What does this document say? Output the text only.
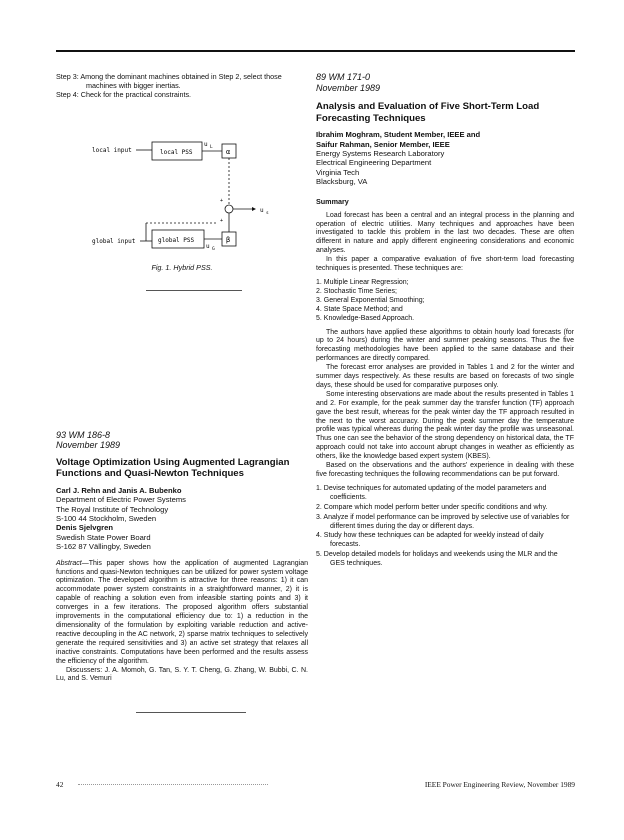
Step 3: Among the dominant machines obtained in Step 2, select those machines with bigger inertias.

Step 4: Check for the practical constraints.

local input	local PSS
u L
α
+
+
u s
global input	global PSS
u G
β
Fig. 1. Hybrid PSS.
93 WM 186-8
November 1989
Voltage Optimization Using Augmented Lagrangian Functions and Quasi-Newton Techniques
Carl J. Rehn and Janis A. Bubenko
Department of Electric Power Systems
The Royal Institute of Technology
S-100 44 Stockholm, Sweden
Denis Sjelvgren
Swedish State Power Board
S-162 87 Vällingby, Sweden

Abstract—This paper shows how the application of augmented Lagrangian functions and quasi-Newton techniques can be utilized for power system voltage optimization. The developed algorithm is attractive for three reasons: 1) it can accommodate power system constraints in a straightforward manner, 2) it is capable of reaching a solution even from infeasible starting points and 3) it converges in a few iterations. The proposed algorithm offers substantial improvements in the computational efficiency due to: 1) a reduction in the dimensionality of the formulation by exploiting variable reduction and active-reactive decoupling in the AC network, 2) sparse matrix techniques to selectively generate the required sensitivities and 3) an active set strategy that relaxes all inactive constraints. Computations have been performed and the results assess the efficiency of the algorithm.

Discussers: J. A. Momoh, G. Tan, S. Y. T. Cheng, G. Zhang, W. Bubbi, C. N. Lu, and S. Vemuri

89 WM 171-0
November 1989
Analysis and Evaluation of Five Short-Term Load Forecasting Techniques
Ibrahim Moghram, Student Member, IEEE and
Saifur Rahman, Senior Member, IEEE
Energy Systems Research Laboratory
Electrical Engineering Department
Virginia Tech
Blacksburg, VA
Summary

Load forecast has been a central and an integral process in the planning and operation of electric utilities. Many techniques and approaches have been investigated to tackle this problem in the last two decades. These are often different in nature and apply different engineering considerations and economic analyses.

In this paper a comparative evaluation of five short-term load forecasting techniques is presented. These techniques are:

1. Multiple Linear Regression;
2. Stochastic Time Series;
3. General Exponential Smoothing;
4. State Space Method; and
5. Knowledge-Based Approach.

The authors have applied these algorithms to obtain hourly load forecasts (for up to 24 hours) during the winter and summer peaking seasons. Thus the five forecasting methodologies have been applied to the same database and their performances are directly compared.

The forecast error analyses are provided in Tables 1 and 2 for the winter and summer days respectively. As these results are based on forecasts of two single days, these should be used for comparative purposes only.

Some interesting observations are made about the results presented in Tables 1 and 2. For example, for the peak summer day the transfer function (TF) approach gave the best result, whereas for the peak winter day the TF approach resulted in the next to the worst accuracy. During the peak summer day the temperature profile was typical whereas during the peak winter day the profile was unseasonal. Thus one can see the behavior of the strong dependency on historical data, the TF approach could not take into account abrupt changes in weather as efficiently as others, like the knowledge based expert system (KBES).

Based on the observations and the authors' experience in dealing with these five forecasting techniques the following recommendations can be put forward.

1. Devise techniques for automated updating of the model parameters and coefficients.
2. Compare which model perform better under specific conditions and why.
3. Analyze if model performance can be improved by selective use of variables for different times during the day or different days.
4. Study how these techniques can be adapted for weekly instead of daily forecasts.
5. Develop detailed models for holidays and weekends using the MLR and the GES techniques.
42	IEEE Power Engineering Review, November 1989
